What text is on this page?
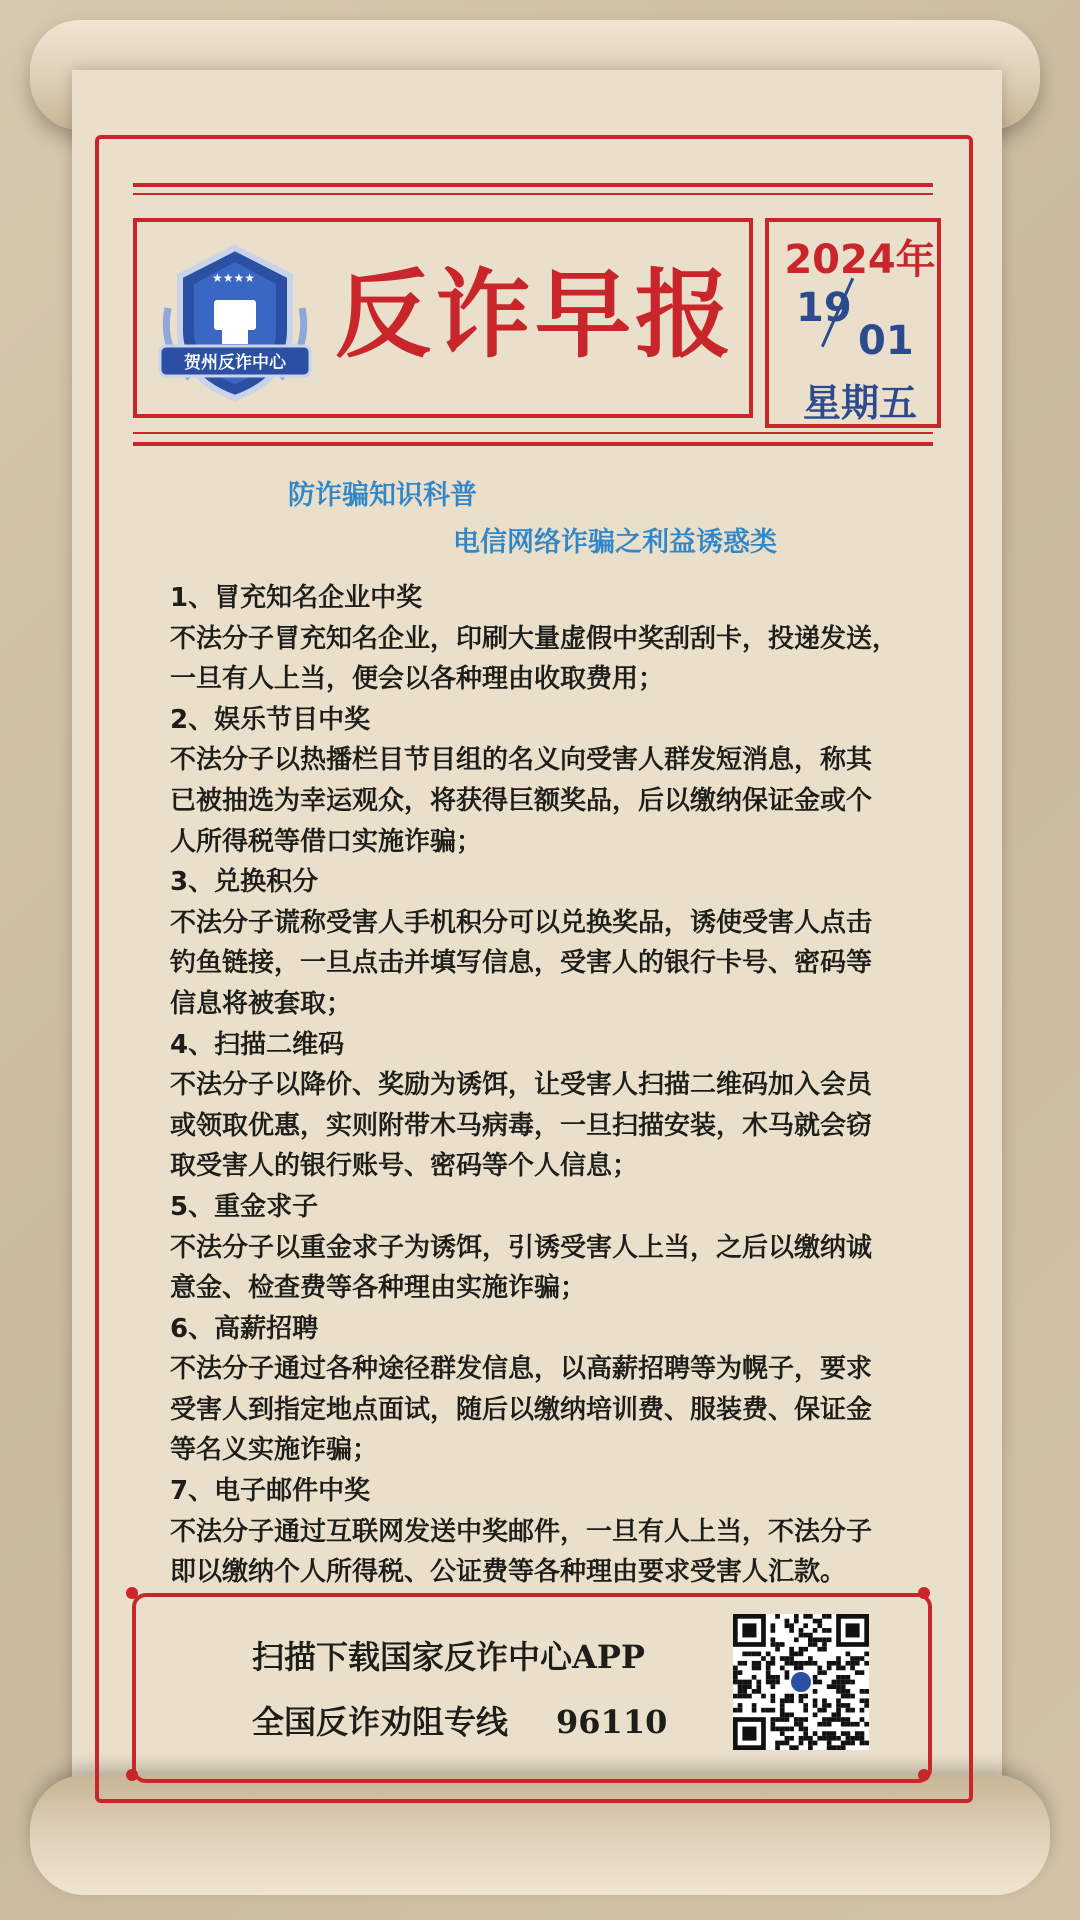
★★★★
贺州反诈中心 反诈早报 2024年
19
01
星期五
防诈骗知识科普
电信网络诈骗之利益诱惑类
1、冒充知名企业中奖
不法分子冒充知名企业，印刷大量虚假中奖刮刮卡，投递发送，
一旦有人上当，便会以各种理由收取费用；
2、娱乐节目中奖
不法分子以热播栏目节目组的名义向受害人群发短消息，称其
已被抽选为幸运观众，将获得巨额奖品，后以缴纳保证金或个
人所得税等借口实施诈骗；
3、兑换积分
不法分子谎称受害人手机积分可以兑换奖品，诱使受害人点击
钓鱼链接，一旦点击并填写信息，受害人的银行卡号、密码等
信息将被套取；
4、扫描二维码
不法分子以降价、奖励为诱饵，让受害人扫描二维码加入会员
或领取优惠，实则附带木马病毒，一旦扫描安装，木马就会窃
取受害人的银行账号、密码等个人信息；
5、重金求子
不法分子以重金求子为诱饵，引诱受害人上当，之后以缴纳诚
意金、检查费等各种理由实施诈骗；
6、高薪招聘
不法分子通过各种途径群发信息，以高薪招聘等为幌子，要求
受害人到指定地点面试，随后以缴纳培训费、服装费、保证金
等名义实施诈骗；
7、电子邮件中奖
不法分子通过互联网发送中奖邮件，一旦有人上当，不法分子
即以缴纳个人所得税、公证费等各种理由要求受害人汇款。
扫描下载国家反诈中心APP
全国反诈劝阻专线 96110
